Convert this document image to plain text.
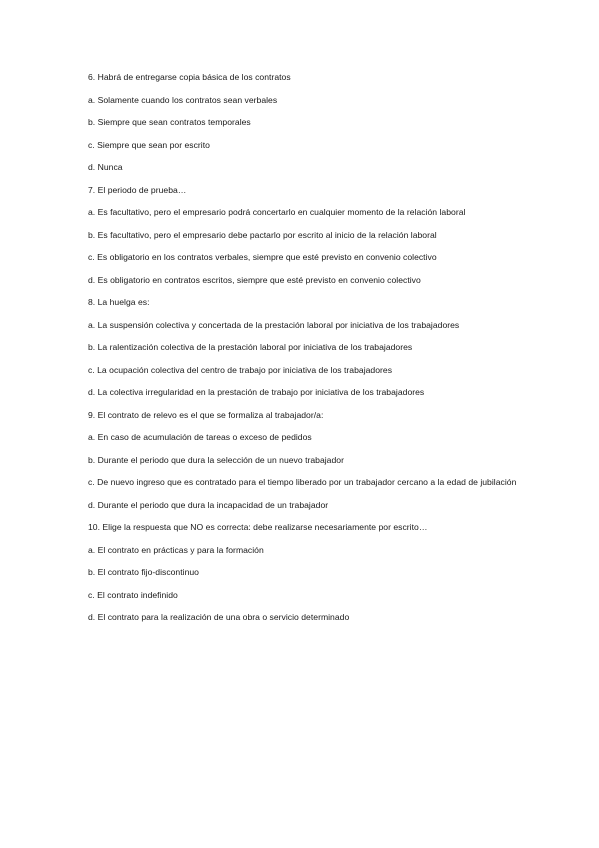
6. Habrá de entregarse copia básica de los contratos

a. Solamente cuando los contratos sean verbales

b. Siempre que sean contratos temporales

c. Siempre que sean por escrito

d. Nunca

7. El periodo de prueba…

a. Es facultativo, pero el empresario podrá concertarlo en cualquier momento de la relación laboral

b. Es facultativo, pero el empresario debe pactarlo por escrito al inicio de la relación laboral

c. Es obligatorio en los contratos verbales, siempre que esté previsto en convenio colectivo

d. Es obligatorio en contratos escritos, siempre que esté previsto en convenio colectivo

8. La huelga es:

a. La suspensión colectiva y concertada de la prestación laboral por iniciativa de los trabajadores

b. La ralentización colectiva de la prestación laboral por iniciativa de los trabajadores

c. La ocupación colectiva del centro de trabajo por iniciativa de los trabajadores

d. La colectiva irregularidad en la prestación de trabajo por iniciativa de los trabajadores

9. El contrato de relevo es el que se formaliza al trabajador/a:

a. En caso de acumulación de tareas o exceso de pedidos

b. Durante el periodo que dura la selección de un nuevo trabajador

c. De nuevo ingreso que es contratado para el tiempo liberado por un trabajador cercano a la edad de jubilación

d. Durante el periodo que dura la incapacidad de un trabajador

10. Elige la respuesta que NO es correcta: debe realizarse necesariamente por escrito…

a. El contrato en prácticas y para la formación

b. El contrato fijo-discontinuo

c. El contrato indefinido

d. El contrato para la realización de una obra o servicio determinado
